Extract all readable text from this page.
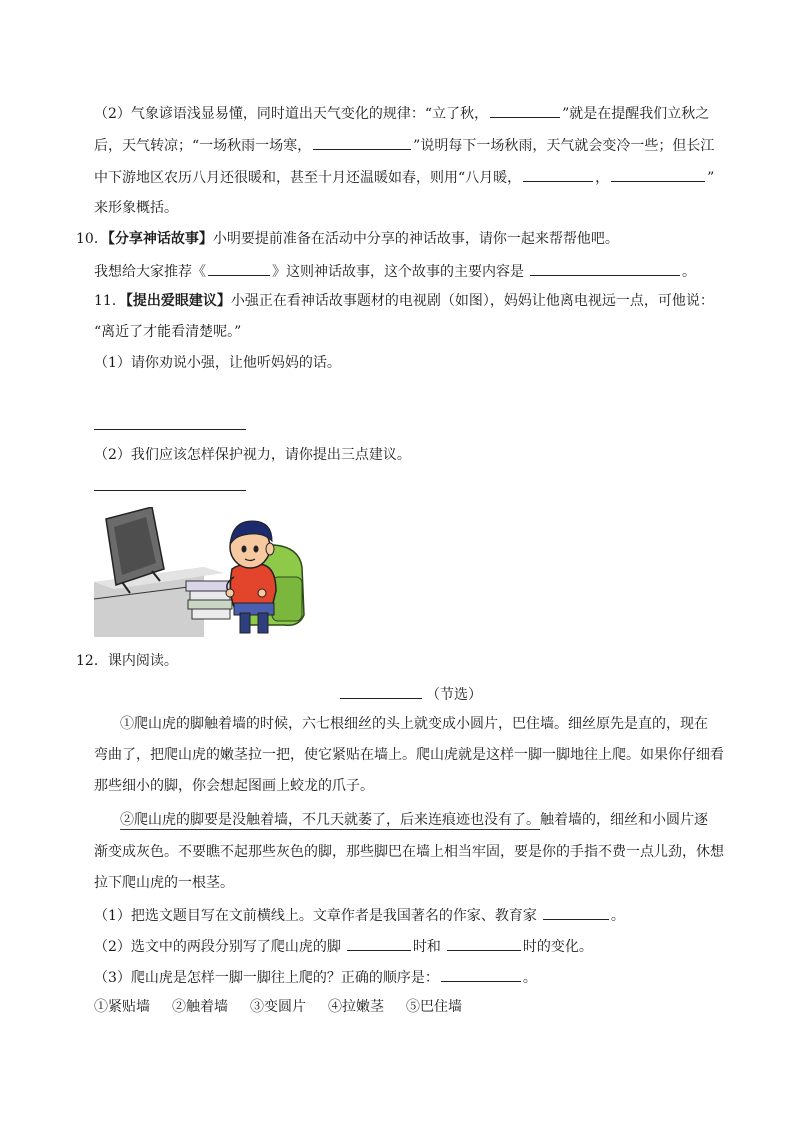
（2）气象谚语浅显易懂，同时道出天气变化的规律：“立了秋，	”就是在提醒我们立秋之
后，天气转凉；“一场秋雨一场寒，	”说明每下一场秋雨，天气就会变冷一些；但长江
中下游地区农历八月还很暖和，甚至十月还温暖如春，则用“八月暖，	，	”
来形象概括。
10．【分享神话故事】小明要提前准备在活动中分享的神话故事，请你一起来帮帮他吧。
我想给大家推荐《	》这则神话故事，这个故事的主要内容是	。
11．【提出爱眼建议】小强正在看神话故事题材的电视剧（如图），妈妈让他离电视远一点，可他说：
“离近了才能看清楚呢。”
（1）请你劝说小强，让他听妈妈的话。
（2）我们应该怎样保护视力，请你提出三点建议。
12．课内阅读。
（节选）
①爬山虎的脚触着墙的时候，六七根细丝的头上就变成小圆片，巴住墙。细丝原先是直的，现在
弯曲了，把爬山虎的嫩茎拉一把，使它紧贴在墙上。爬山虎就是这样一脚一脚地往上爬。如果你仔细看
那些细小的脚，你会想起图画上蛟龙的爪子。
②爬山虎的脚要是没触着墙，不几天就萎了，后来连痕迹也没有了。触着墙的，细丝和小圆片逐
渐变成灰色。不要瞧不起那些灰色的脚，那些脚巴在墙上相当牢固，要是你的手指不费一点儿劲，休想
拉下爬山虎的一根茎。
（1）把选文题目写在文前横线上。文章作者是我国著名的作家、教育家	。
（2）选文中的两段分别写了爬山虎的脚	时和	时的变化。
（3）爬山虎是怎样一脚一脚往上爬的？正确的顺序是：	。
①紧贴墙 ②触着墙 ③变圆片 ④拉嫩茎 ⑤巴住墙
